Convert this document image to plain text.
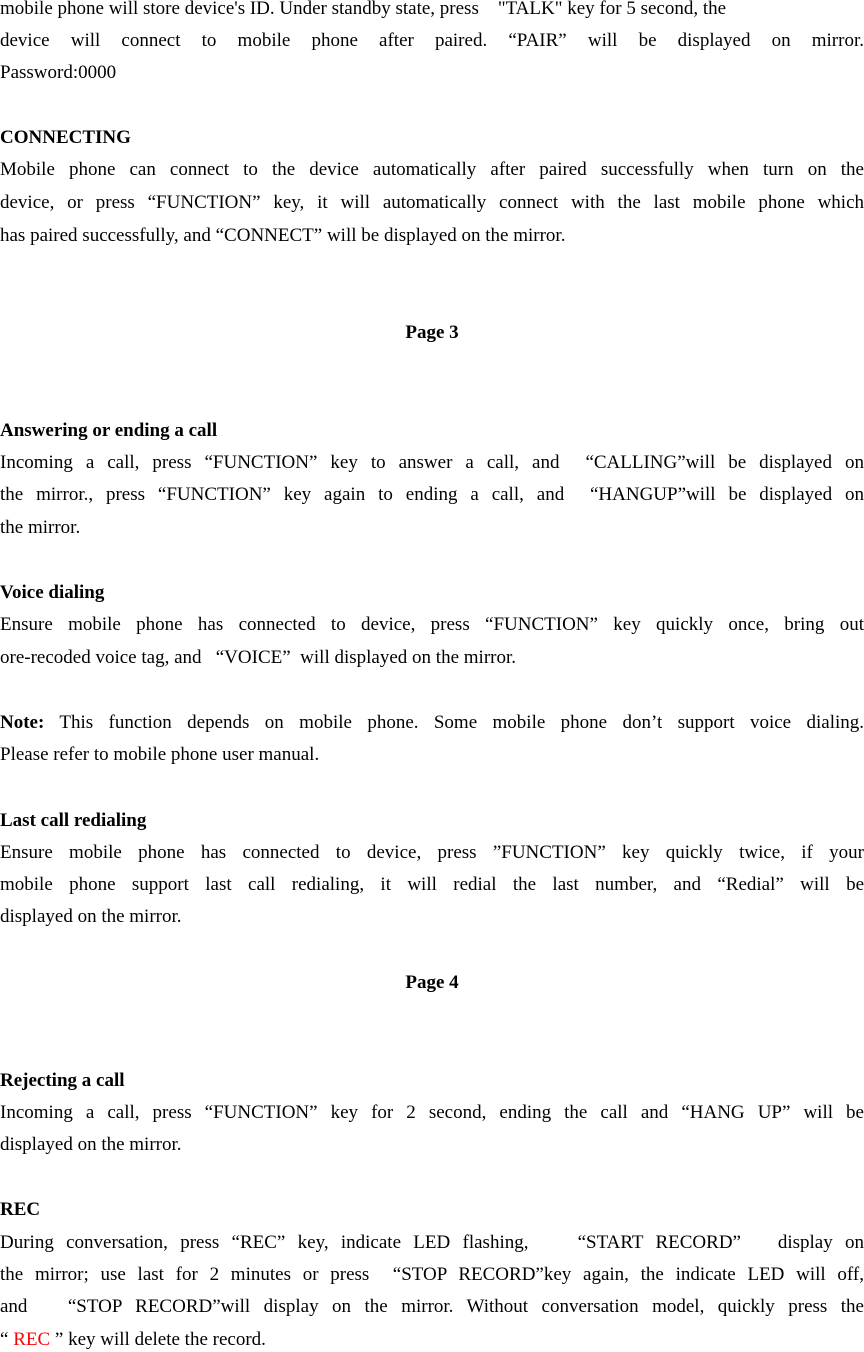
mobile phone will store device's ID. Under standby state, press    "TALK" key for 5 second, the
device will connect to mobile phone after paired. “PAIR” will be displayed on mirror.
Password:0000
CONNECTING
Mobile phone can connect to the device automatically after paired successfully when turn on the
device, or press “FUNCTION” key, it will automatically connect with the last mobile phone which
has paired successfully, and “CONNECT” will be displayed on the mirror.
Page 3
Answering or ending a call
Incoming a call, press “FUNCTION” key to answer a call, and  “CALLING”will be displayed on
the mirror., press “FUNCTION” key again to ending a call, and  “HANGUP”will be displayed on
the mirror.
Voice dialing
Ensure mobile phone has connected to device, press “FUNCTION” key quickly once, bring out
ore-recoded voice tag, and   “VOICE”  will displayed on the mirror.
Note: This function depends on mobile phone. Some mobile phone don’t support voice dialing.
Please refer to mobile phone user manual.
Last call redialing
Ensure mobile phone has connected to device, press ”FUNCTION” key quickly twice, if your
mobile phone support last call redialing, it will redial the last number, and “Redial” will be
displayed on the mirror.
Page 4
Rejecting a call
Incoming a call, press “FUNCTION” key for 2 second, ending the call and “HANG UP” will be
displayed on the mirror.
REC
During conversation, press “REC” key, indicate LED flashing,    “START RECORD”   display on
the mirror; use last for 2 minutes or press  “STOP RECORD”key again, the indicate LED will off,
and   “STOP RECORD”will display on the mirror. Without conversation model, quickly press the
“ REC ” key will delete the record.
